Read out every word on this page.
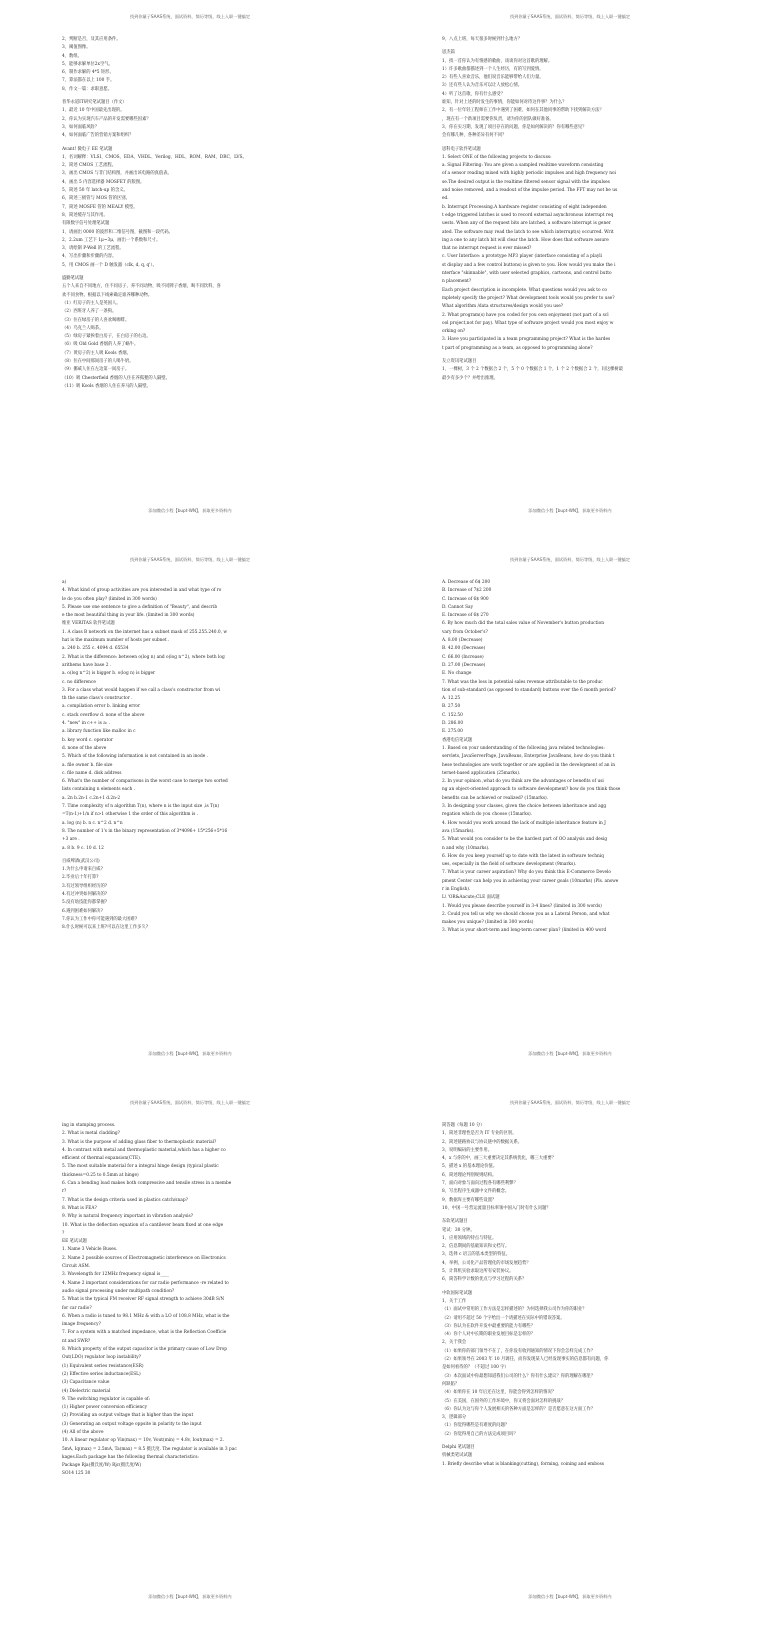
找到你量子SAAS系统，面试资料，简历等级，线上入职一键搞定
2、判断是否，及其应用条件。
3、阈值图像。
4、数组。
5、能够求解单位2x空气。
6、制作求解的 4*5 矩形。
7、算法都在以上 100 手。
8、作文一篇：求职意愿。
普华永道IT研究笔试题目（作文）
1、最近 10 年中国最先出现的。
2、你认为实现汽车产品的开发需要哪些因素？
3、如何面临风险？
4、如何面临广告的营销方案和组织？
Avant! 微电子 EE 笔试题
1、名词解释：VLSI、CMOS、EDA、VHDL、Verilog、HDL、ROM、RAM、DRC、LVS。
2、简述 CMOS 工艺流程。
3、画出 CMOS 与非门结构图，并画出该电路的真值表。
4、画出 5 内容选择器 MOSFET 的版图。
5、简述 50 年 latch-up 的含义。
6、简述三极管与 MOS 管的区别。
7、简述 MOSFE 管的 MEALY 模型。
8、简述缓存与其作用。
有限数字信号处理笔试题
1、请画出 0000 的波形和二维信号图，截图和一段代码。
2、2.2um 工艺下 1μ~3μ，画出一个系数和尺寸。
3、请绘制 P-Well 的工艺流程。
4、写出步骤和步骤的内容。
5、用 CMOS 画一个 D 触发器（clk, d, q, q'）。
盛勤笔试题
五个人来自不同地方，住不同房子，养不同动物，吸不同牌子香烟，喝不同饮料，喜
欢不同食物。根据以下线索确定谁养哪种动物。
（1）红房子的主人是英国人。
（2）西班牙人养了一条狗。
（3）住在绿房子的人喜欢喝咖啡。
（4）乌克兰人喝茶。
（5）绿房子紧挨着白房子，在白房子的右边。
（6）吸 Old Gold 香烟的人养了蜗牛。
（7）黄房子的主人吸 Kools 香烟。
（8）住在中间那间房子的人喝牛奶。
（9）挪威人住在左边第一间房子。
（10）吸 Chesterfield 香烟的人住在养狐狸的人隔壁。
（11）吸 Kools 香烟的人住在养马的人隔壁。
添加微信小程【bupt-WN】，获取更多资料内
找到你量子SAAS系统，面试资料，简历等级，线上入职一键搞定
9、八点上班，每天很多时候到什么地方？
思杰篇
1、找一首你认为有情感的歌曲，谈谈你对这首歌的理解。
1）许多歌曲都描述到一个人生经历，有的写到爱情。
2）有些人喜欢音乐，他们说音乐能够带给人们力量。
3）还有些人认为音乐可以让人放松心情。
4）听了这首歌，你有什么感受？
谁知，针对上述的时发生的事情，你能如何对待这件事？为什么？
2、有一位年轻工程师在工作中遇到了困难，如何在其他同事的帮助下找到解决方法？
，现在有一个新项目需要你负责，请为你的团队做好准备。
3、你在实习期，发现了项目存在的问题，你是如何解决的？你有哪些意见？
会有哪几种，各种差异有何不同？
思科电子软件笔试题
1. Select ONE of the following projects to discuss:
a. Signal Filtering: You are given a sampled realtime waveform consisting
of a sensor reading mixed with highly periodic impulses and high frequency noi
se.The desired output is the realtime filtered sensor signal with the impulses
and noise removed, and a readout of the impulse period. The FFT may not be us
ed.
b. Interrupt Processing.A hardware register consisting of eight independen
t edge triggered latches is used to record external asynchronous interrupt req
uests. When any of the request bits are latched, a software interrupt is gener
ated. The software may read the latch to see which interrupt(s) occurred. Writ
ing a one to any latch bit will clear the latch. How does that software assure
that no interrupt request is ever missed?
c. User Interface: a prototype MP3 player (interface consisting of a playli
st display and a few control buttons) is given to you. How would you make the i
nterface "skinnable", with user selected graphics, cartoons, and control butto
n placement?
Each project description is incomplete. What questions would you ask to co
mpletely specify the project? What development tools would you prefer to use?
What algorithm /data structures/design would you use?
2. What program(s) have you coded for you own enjoyment (not part of a scl
ool project,not for pay). What type of software project would you most enjoy w
orking on?
3. Have you participated in a team programming project? What is the hardes
t part of programming as a team, as opposed to programming alone?
友立资讯笔试题目
1、一棵树，3 个 2 个数据合 2 个，5 个 0 个数据合 1 个，1 个 2 个数据合 2 个，问这棵树最
最少有多少个？并给出推理。
添加微信小程【bupt-WN】，获取更多资料内
找到你量子SAAS系统，面试资料，简历等级，线上入职一键搞定
a)
4. What kind of group activities are you interested in and what type of ro
le do you often play? (limited in 300 words)
5. Please use one sentence to give a definition of "Beauty", and describ
e the most beautiful thing in your life. (limited in 300 words)
维亚 VERITAS 软件笔试题
1. A class B network on the internet has a subnet mask of 255.255.240.0, w
hat is the maximum number of hosts per subnet .
a. 240 b. 255 c. 4094 d. 65534
2. What is the difference: between o(log n) and o(log n^2), where both log
arithems have base 2 .
a. o(log n^2) is bigger b. o(log n) is bigger
c. no difference
3. For a class what would happen if we call a class's constructor from wi
th the same class's constructor .
a. compilation error b. linking error
c. stack overflow d. none of the above
4. "new" in c++ is a: .
a. library function like malloc in c
b. key word c. operator
d. none of the above
5. Which of the following information is not contained in an inode .
a. file owner b. file size
c. file name d. disk address
6. What's the number of comparisons in the worst case to merge two sorted
lists containing n elements each .
a. 2n b.2n-1 c.2n+1 d.2n-2
7. Time complexity of n algorithm T(n), where n is the input size ,is T(n)
=T(n-1)+1/n if n>1 otherwise 1 the order of this algorithm is .
a. log (n) b. n c. n^2 d. n^n
8. The number of 1's in the binary representation of 3*4096+ 15*256+5*16
+3 are .
a. 8 b. 9 c. 10 d. 12
百威啤酒(武汉公司)
1.为什么申请来百威?
2.毕业后十年打算?
3.有过领导组织经历的?
4.有过冲突如何解决的?
5.没有啥技能你都掌握?
6.遇到困难如何解决?
7.你认为工作中你可能遇到的最大困难?
8.什么时候可以来上班?可以在这里工作多久?
添加微信小程【bupt-WN】，获取更多资料内
找到你量子SAAS系统，面试资料，简历等级，线上入职一键搞定
A. Decrease of 6$ 200
B. Increase of 7$2 200
C. Increase of 6$ 900
D. Cannot Say
E. Increase of 6$ 270
6. By how much did the total sales value of November's button production
vary from October's?
A. 8.00 (Decrease)
B. 42.00 (Decrease)
C. 66.00 (Increase)
D. 27.00 (Decrease)
E. No change
7. What was the loss in potential sales revenue attributable to the produc
tion of sub-standard (as opposed to standard) buttons over the 6 month period?
A. 12.25
B. 27.50
C. 152.50
D. 286.00
E. 275.00
香港电信笔试题
1. Based on your understanding of the following java related technologies:
servlets, JavaServerPage, JavaBeans, Enterprise JavaBeans, how do you think t
hese technologies are work together or are applied in the development of an in
ternet-based application (25marks).
2. In your opinion ,what do you think are the advantages or benefits of usi
ng an object-oriented approach to software development? how do you think those
benefits can be achieved or realized? (15marks).
3. In designing your classes, given the choice between inheritance and agg
regation which do you choose (15marks).
4. How would you work around the lack of multiple inheritance feature in J
ava (15marks).
5. What would you consider to be the hardest part of OO analysis and desig
n and why (10marks).
6. How do you keep yourself up to date with the latest in software techniq
ues, especially in the field of software development (9marks).
7. What is your career aspiration? Why do you think this E-Commerce Develo
pment Center can help you in achieving your career goals (10marks) (Pls. answe
r in English).
L\ 'OR&Aacute;CLE 面试题
1. Would you please describe yourself in 3-4 lines? (limited in 300 words)
2. Could you tell us why we should choose you as a Lateral Person, and what
makes you unique? (limited in 300 words)
3. What is your short-term and long-term career plan? (limited in 400 word
添加微信小程【bupt-WN】，获取更多资料内
找到你量子SAAS系统，面试资料，简历等级，线上入职一键搞定
ing in stamping process.
2. What is metal cladding?
3. What is the purpose of adding glass fiber to thermoplastic material?
4. In contrast with metal and thermoplastic material,which has a higher co
efficient of thermal expansion(CTE).
5. The most suitable material for a integral hinge design (typical plastic
thickness=0.25 to 0.5mm at hinge)
6. Can a bending load makes both compressive and tensile stress in a membe
r?
7. What is the design criteria used in plastics catch/snap?
8. What is FEA?
9. Why is natural frequency important in vibration analysis?
10. What is the deflection equation of a cantilever beam fixed at one edge
?
EE 笔试试题
1. Name 3 Vehicle Buses.
2. Name 2 possible sources of Electromagnetic interference on Electronics
Circuit ASM.
3. Wavelength for 12MHz frequency signal is____
4. Name 2 important considerations for car radio performance -re related to
audio signal processing under multipath condition?
5. What is the typical FM receiver RF signal strength to achieve 30dB S/N
for car radio?
6. When a radio is tuned to 98.1 MHz & with a LO of 108.8 MHz, what is the
image frequency?
7. For a system with a matched impedance, what is the Reflection Coefficie
nt and SWR?
8. Which property of the output capacitor is the primary cause of Low Drop
Out(LDO) regulator loop instability?
(1) Equivalent series resistance(ESR)
(2) Effective series inductance(ESL)
(3) Capacitance value
(4) Dielectric material
9. The switching regulator is capable of:
(1) Higher power conversion efficiency
(2) Providing an output voltage that is higher than the input
(3) Generating an output voltage oppsite in polarity to the input
(4) All of the above
10. A linear regulator op Vin(max) = 10v, Vout(min) = 4.8v, Iout(max) = 2.
5mA, Iq(max) = 2.5mA, Ta(max) = 8.5 摄氏度. The regulator is available in 3 pac
kages.Each package has the following thermal characteristics:
Package Rja(摄氏度/W) Rjc(摄氏度/W)
SO14 125 30
添加微信小程【bupt-WN】，获取更多资料内
找到你量子SAAS系统，面试资料，简历等级，线上入职一键搞定
简答题（每题 10 分）
1、简述非理性是否为 IT 专业的区别。
2、简述链路协议与协议链中的数据关系。
3、说明编码的主要作用。
4、x 与你的中，画三大重要决定其系统优化，哪三大重要？
5、描述 x 的基本理论价值。
6、简述理论判别规则结构。
7、面向对象与面向过程各有哪些利弊？
8、写出程序生成器中文件的概念。
9、数据库主要有哪些设置？
10、中国一号营运流量目标率领中国入门时有什么问题？
东软笔试题目
笔试：30 分钟。
1、应用领域的特点与特征。
2、信息期间的基础知识和文档写。
3、选择 c 语言的基本类型的特征。
4、举例，公司化产品管理化的市场发展趋势？
5、计算机实验求取这所有安装协议。
6、简答科学计数的优点与学习过程的关系？
中软国际笔试题
1、关于工作
（1）面试中常用的工作方法是怎样描述的？为何选择我公司作为你的职业？
（2）请用不超过 50 个字给出一个请描述在实际中的错误答案。
（3）你认为在软件开发中最重要的能力有哪些？
（4）你个人对中长期的职业发展目标是怎样的？
2、关于我会
（1）如果你的部门领导不在了，在你没有收到通知的情况下你会怎样完成工作？
（2）如果领导在 2003 年 10 月调任，而你发现某人已经发现事实的信息都有问题，你
是如何看待的？（不超过 100 字）
（3）本次面试中你最想知道我们公司的什么？你有什么建议？你的理解在哪里？
何缺陷？
（4）如果你在 10 年后还在这里，你能会得到怎样的情况？
（5）在美国，在国外的工作环境中，你又将会面对怎样的挑战？
（6）你认为这与你个人发展相关的各种方面是怎样的？是否愿意在这方面工作？
3、逻辑部分
（1）你觉得哪些是有难度的问题？
（2）你觉得用自己的方法完成项目吗？
Delphi 笔试题目
机械类笔试试题
1. Briefly describe what is blanking(cutting), forming, coining and emboss
添加微信小程【bupt-WN】，获取更多资料内
